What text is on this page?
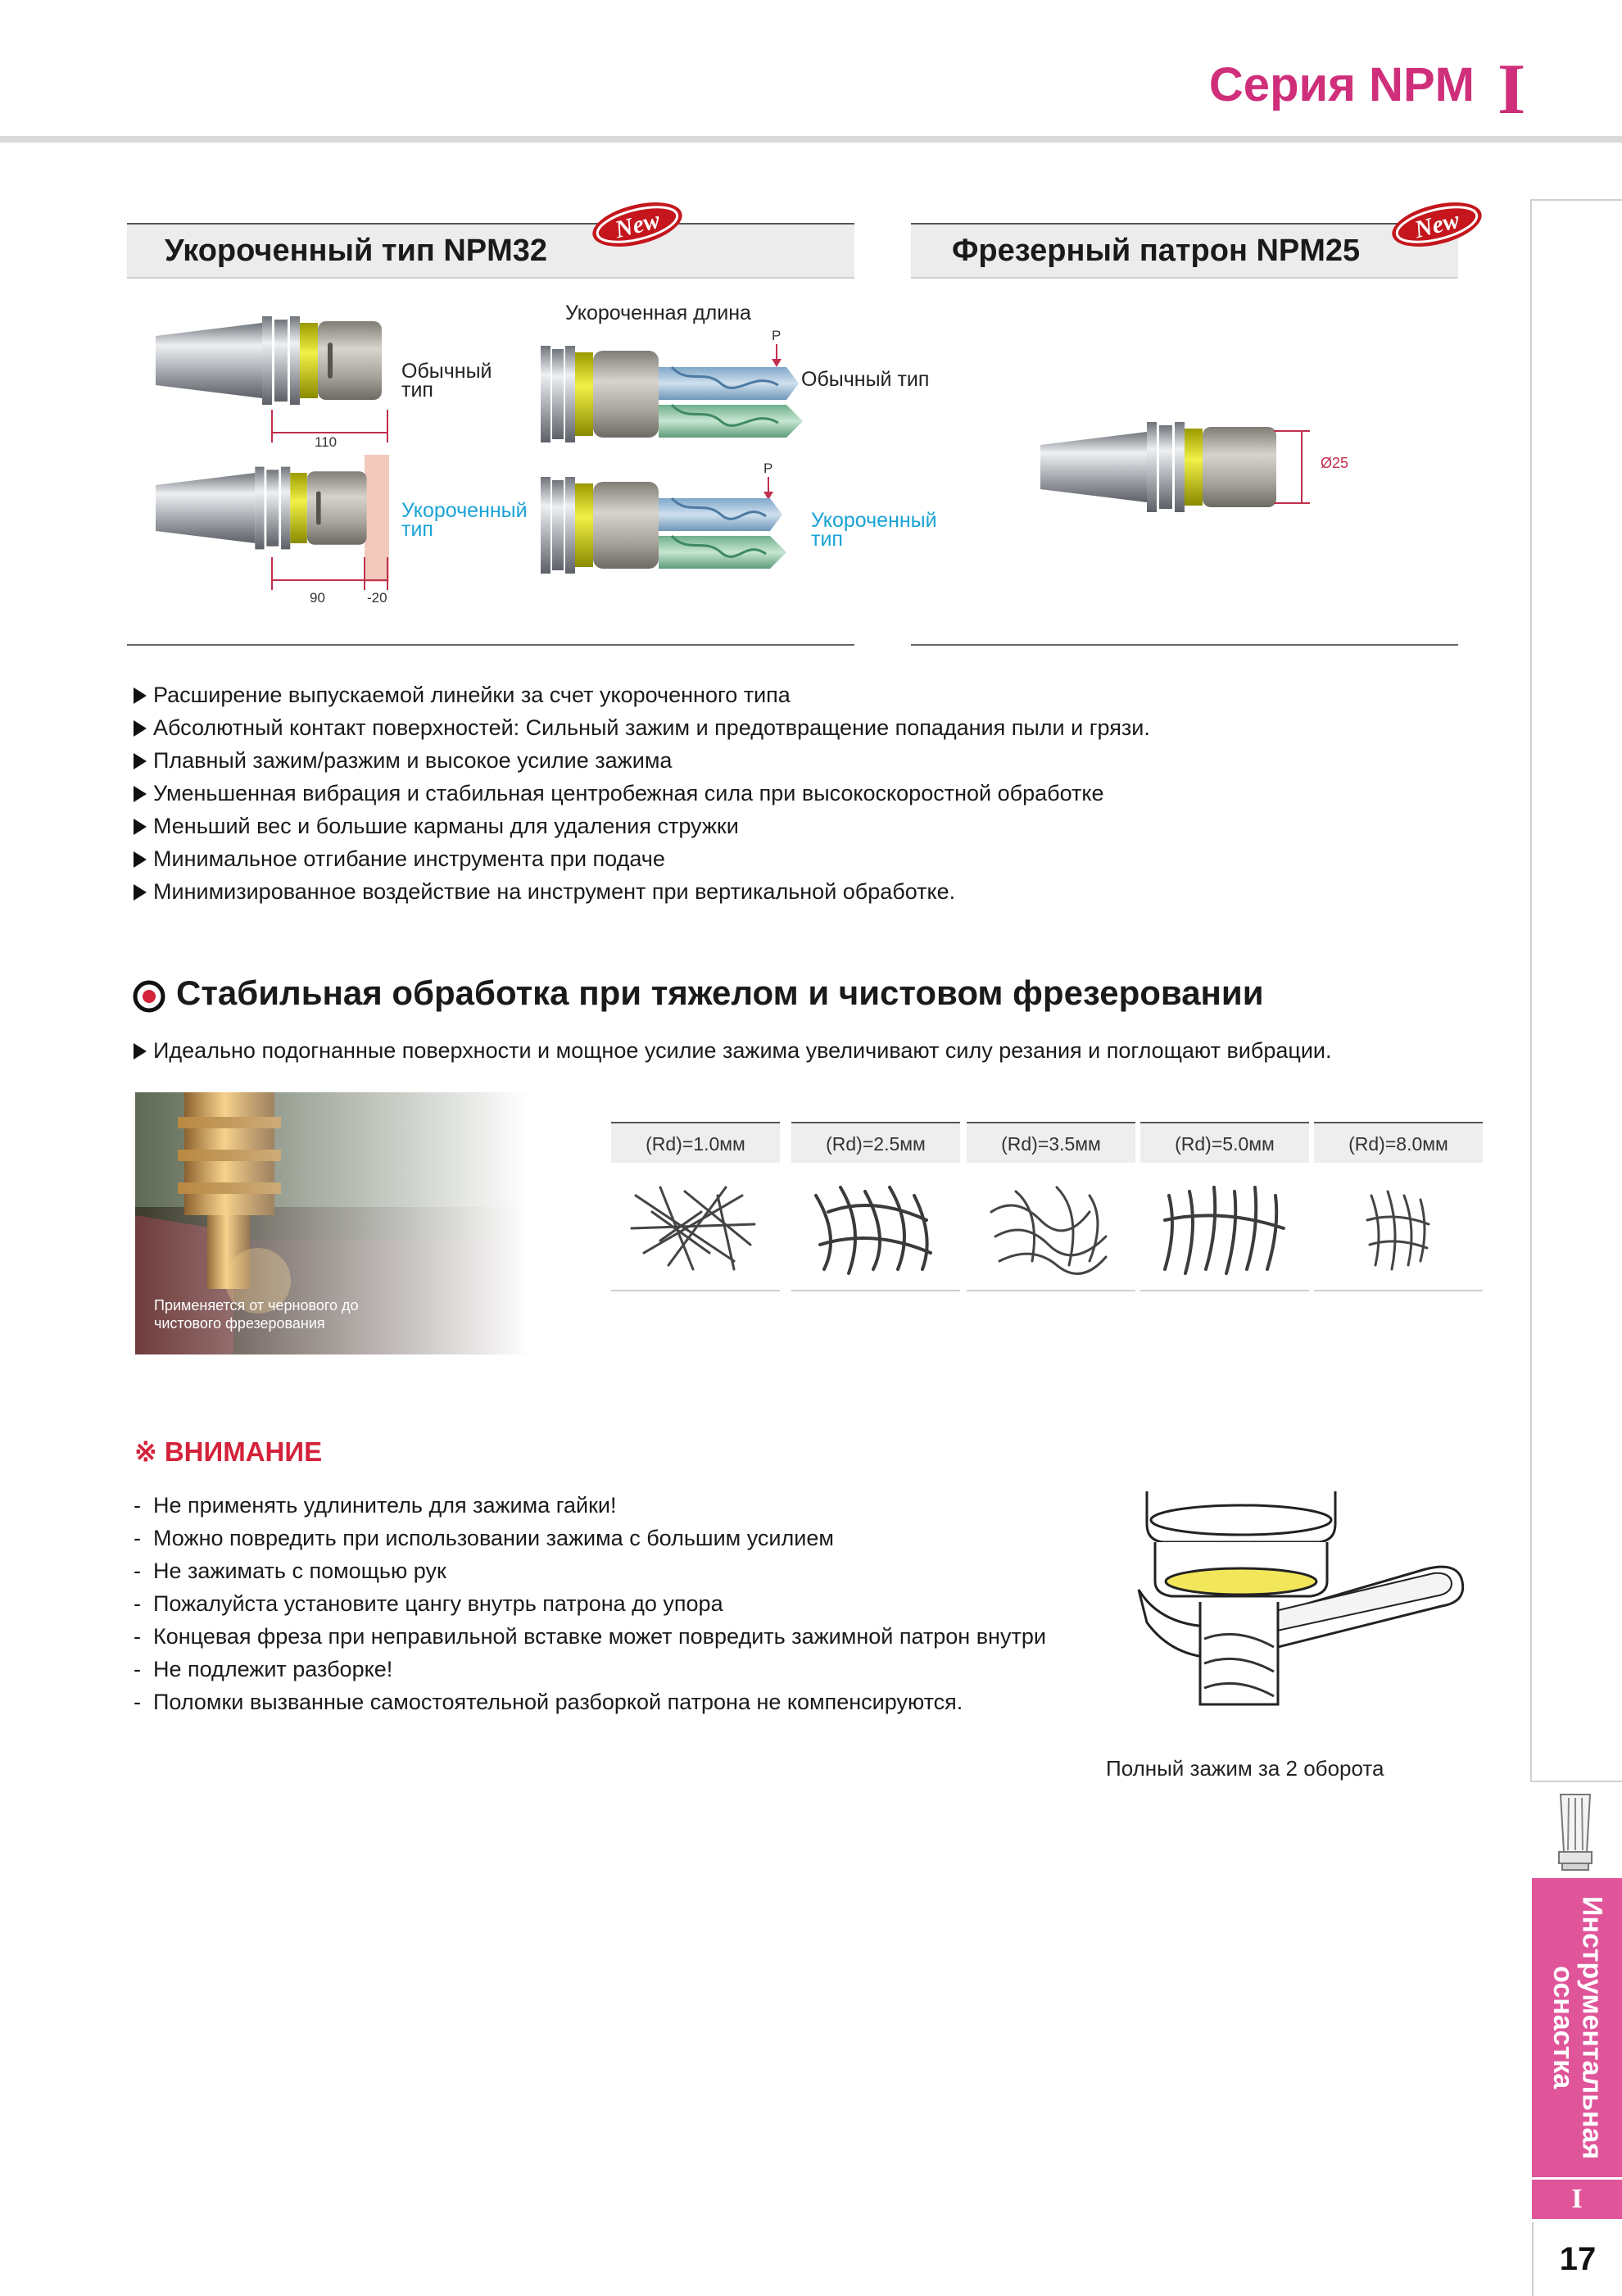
Серия NPM I
Инструментальная оснастка
I
17
Укороченный тип NPM32
New
Фрезерный патрон NPM25
New
Обычный
тип
110
Укороченный
тип
90	-20
Укороченная длина
P
Обычный тип
P
Укороченный
тип
Ø25
Расширение выпускаемой линейки за счет укороченного типа
Абсолютный контакт поверхностей: Сильный зажим и предотвращение попадания пыли и грязи.
Плавный зажим/разжим и высокое усилие зажима
Уменьшенная вибрация и стабильная центробежная сила при высокоскоростной обработке
Меньший вес и большие карманы для удаления стружки
Минимальное отгибание инструмента при подаче
Минимизированное воздействие на инструмент при вертикальной обработке.
Стабильная обработка при тяжелом и чистовом фрезеровании
Идеально подогнанные поверхности и мощное усилие зажима увеличивают силу резания и поглощают вибрации.
Применяется от чернового до чистового фрезерования
(Rd)=1.0мм	(Rd)=2.5мм	(Rd)=3.5мм	(Rd)=5.0мм	(Rd)=8.0мм
※ ВНИМАНИЕ
-  Не применять удлинитель для зажима гайки!
-  Можно повредить при использовании зажима с большим усилием
-  Не зажимать с помощью рук
-  Пожалуйста установите цангу внутрь патрона до упора
-  Концевая фреза при неправильной вставке может повредить зажимной патрон внутри
-  Не подлежит разборке!
-  Поломки вызванные самостоятельной разборкой патрона не компенсируются.
Полный зажим за 2 оборота
